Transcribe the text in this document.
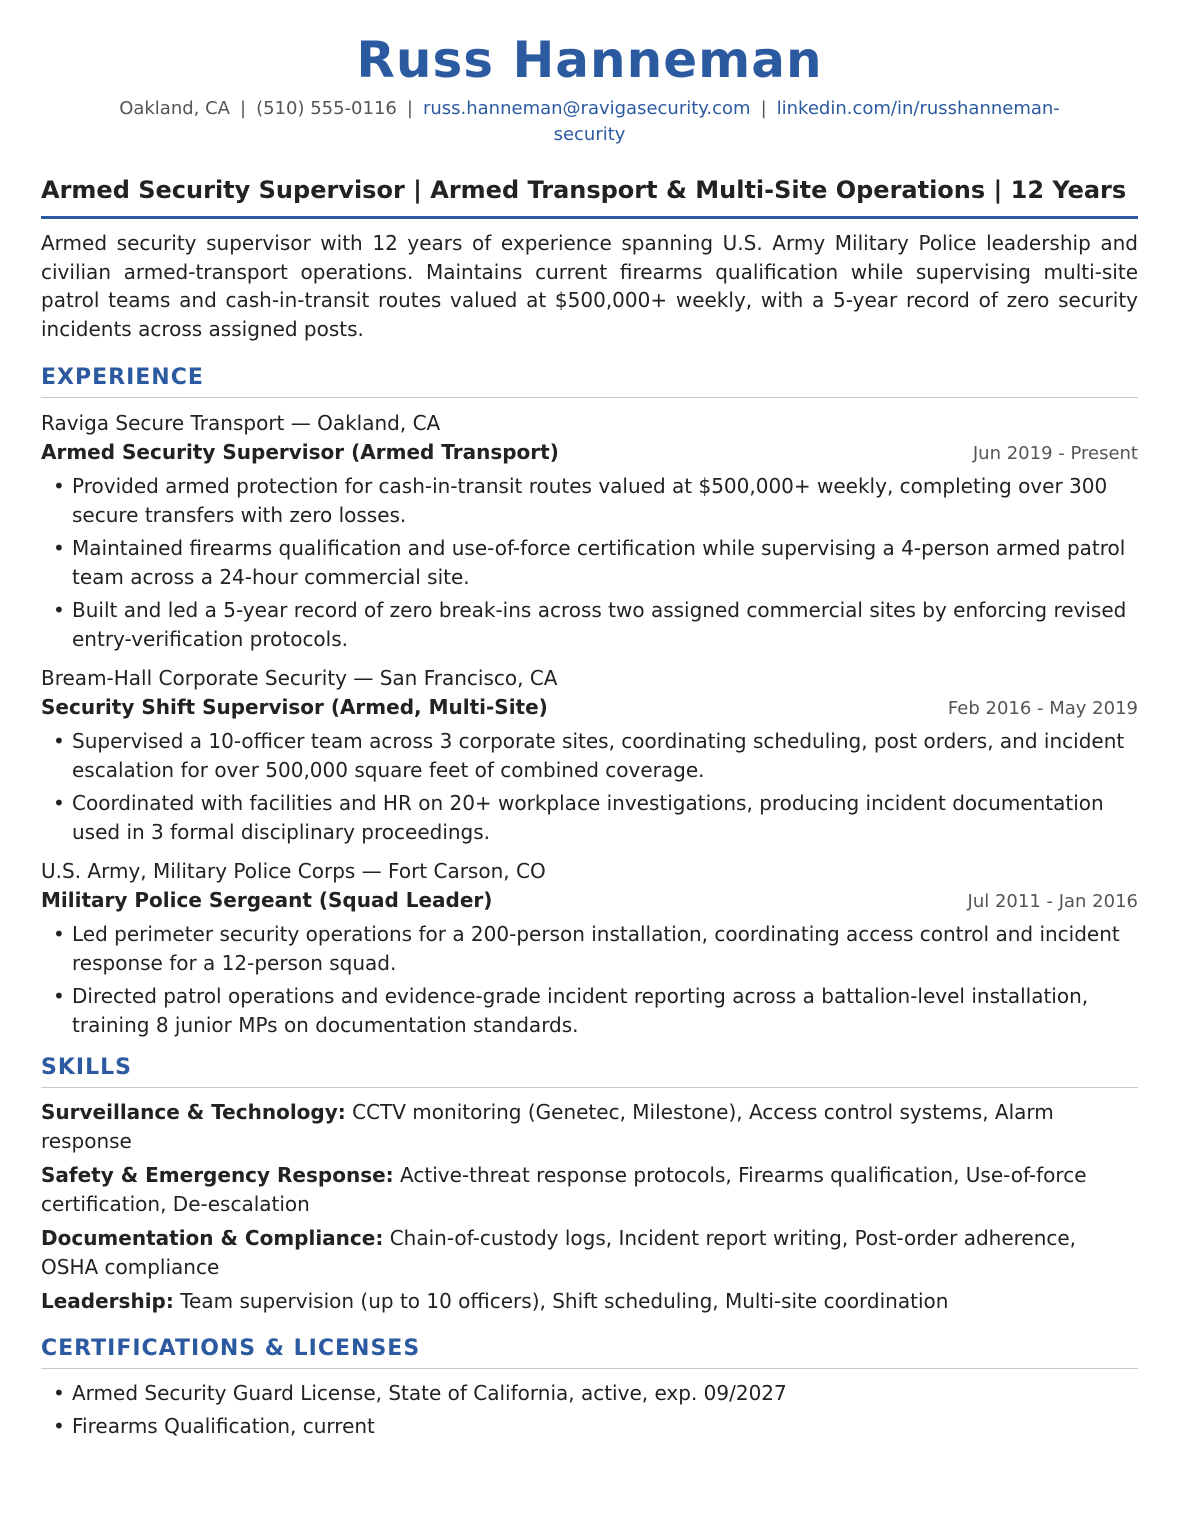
Russ Hanneman
Oakland, CA | (510) 555-0116 | russ.hanneman@ravigasecurity.com | linkedin.com/in/russhanneman-security
Armed Security Supervisor | Armed Transport & Multi-Site Operations | 12 Years

Armed security supervisor with 12 years of experience spanning U.S. Army Military Police leadership and civilian armed-transport operations. Maintains current firearms qualification while supervising multi-site patrol teams and cash-in-transit routes valued at $500,000+ weekly, with a 5-year record of zero security incidents across assigned posts.

EXPERIENCE
Raviga Secure Transport — Oakland, CA
Armed Security Supervisor (Armed Transport)	Jun 2019 - Present
• Provided armed protection for cash-in-transit routes valued at $500,000+ weekly, completing over 300 secure transfers with zero losses.
• Maintained firearms qualification and use-of-force certification while supervising a 4-person armed patrol team across a 24-hour commercial site.
• Built and led a 5-year record of zero break-ins across two assigned commercial sites by enforcing revised entry-verification protocols.
Bream-Hall Corporate Security — San Francisco, CA
Security Shift Supervisor (Armed, Multi-Site)	Feb 2016 - May 2019
• Supervised a 10-officer team across 3 corporate sites, coordinating scheduling, post orders, and incident escalation for over 500,000 square feet of combined coverage.
• Coordinated with facilities and HR on 20+ workplace investigations, producing incident documentation used in 3 formal disciplinary proceedings.
U.S. Army, Military Police Corps — Fort Carson, CO
Military Police Sergeant (Squad Leader)	Jul 2011 - Jan 2016
• Led perimeter security operations for a 200-person installation, coordinating access control and incident response for a 12-person squad.
• Directed patrol operations and evidence-grade incident reporting across a battalion-level installation, training 8 junior MPs on documentation standards.
SKILLS

Surveillance & Technology: CCTV monitoring (Genetec, Milestone), Access control systems, Alarm response

Safety & Emergency Response: Active-threat response protocols, Firearms qualification, Use-of-force certification, De-escalation

Documentation & Compliance: Chain-of-custody logs, Incident report writing, Post-order adherence, OSHA compliance

Leadership: Team supervision (up to 10 officers), Shift scheduling, Multi-site coordination

CERTIFICATIONS & LICENSES
• Armed Security Guard License, State of California, active, exp. 09/2027
• Firearms Qualification, current
